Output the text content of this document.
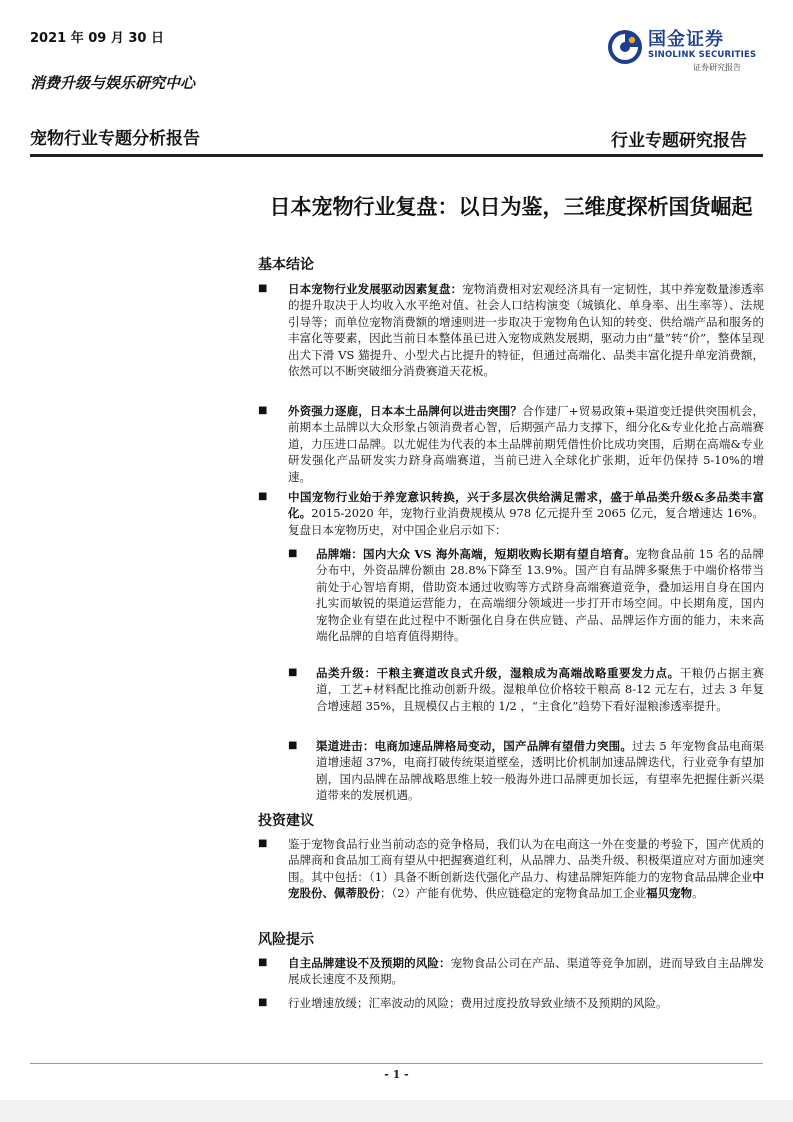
2021 年 09 月 30 日
消费升级与娱乐研究中心
宠物行业专题分析报告	行业专题研究报告
国金证券
SINOLINK SECURITIES
证券研究报告
日本宠物行业复盘：以日为鉴，三维度探析国货崛起
基本结论
■ 日本宠物行业发展驱动因素复盘：宠物消费相对宏观经济具有一定韧性，其中养宠数量渗透率的提升取决于人均收入水平绝对值、社会人口结构演变（城镇化、单身率、出生率等）、法规引导等；而单位宠物消费额的增速则进一步取决于宠物角色认知的转变、供给端产品和服务的丰富化等要素，因此当前日本整体虽已进入宠物成熟发展期，驱动力由“量”转“价”，整体呈现出犬下滑 VS 猫提升、小型犬占比提升的特征，但通过高端化、品类丰富化提升单宠消费额，依然可以不断突破细分消费赛道天花板。
■ 外资强力逐鹿，日本本土品牌何以进击突围？合作建厂+贸易政策+渠道变迁提供突围机会，前期本土品牌以大众形象占领消费者心智，后期强产品力支撑下，细分化&专业化抢占高端赛道，力压进口品牌。以尤妮佳为代表的本土品牌前期凭借性价比成功突围，后期在高端&专业研发强化产品研发实力跻身高端赛道，当前已进入全球化扩张期，近年仍保持 5-10%的增速。
■ 中国宠物行业始于养宠意识转换，兴于多层次供给满足需求，盛于单品类升级&多品类丰富化。2015-2020 年，宠物行业消费规模从 978 亿元提升至 2065 亿元，复合增速达 16%。复盘日本宠物历史，对中国企业启示如下：
■ 品牌端：国内大众 VS 海外高端，短期收购长期有望自培育。宠物食品前 15 名的品牌分布中，外资品牌份额由 28.8%下降至 13.9%。国产自有品牌多聚焦于中端价格带当前处于心智培育期，借助资本通过收购等方式跻身高端赛道竞争，叠加运用自身在国内扎实而敏锐的渠道运营能力，在高端细分领域进一步打开市场空间。中长期角度，国内宠物企业有望在此过程中不断强化自身在供应链、产品、品牌运作方面的能力，未来高端化品牌的自培育值得期待。
■ 品类升级：干粮主赛道改良式升级，湿粮成为高端战略重要发力点。干粮仍占据主赛道，工艺+材料配比推动创新升级。湿粮单位价格较干粮高 8-12 元左右，过去 3 年复合增速超 35%，且规模仅占主粮的 1/2 ，“主食化”趋势下看好湿粮渗透率提升。
■ 渠道进击：电商加速品牌格局变动，国产品牌有望借力突围。过去 5 年宠物食品电商渠道增速超 37%，电商打破传统渠道壁垒，透明比价机制加速品牌迭代，行业竞争有望加剧，国内品牌在品牌战略思维上较一般海外进口品牌更加长远，有望率先把握住新兴渠道带来的发展机遇。
投资建议
■ 鉴于宠物食品行业当前动态的竞争格局，我们认为在电商这一外在变量的考验下，国产优质的品牌商和食品加工商有望从中把握赛道红利，从品牌力、品类升级、积极渠道应对方面加速突围。其中包括：（1）具备不断创新迭代强化产品力、构建品牌矩阵能力的宠物食品品牌企业中宠股份、佩蒂股份；（2）产能有优势、供应链稳定的宠物食品加工企业福贝宠物。
风险提示
■ 自主品牌建设不及预期的风险：宠物食品公司在产品、渠道等竞争加剧，进而导致自主品牌发展成长速度不及预期。
■ 行业增速放缓；汇率波动的风险；费用过度投放导致业绩不及预期的风险。
- 1 -
